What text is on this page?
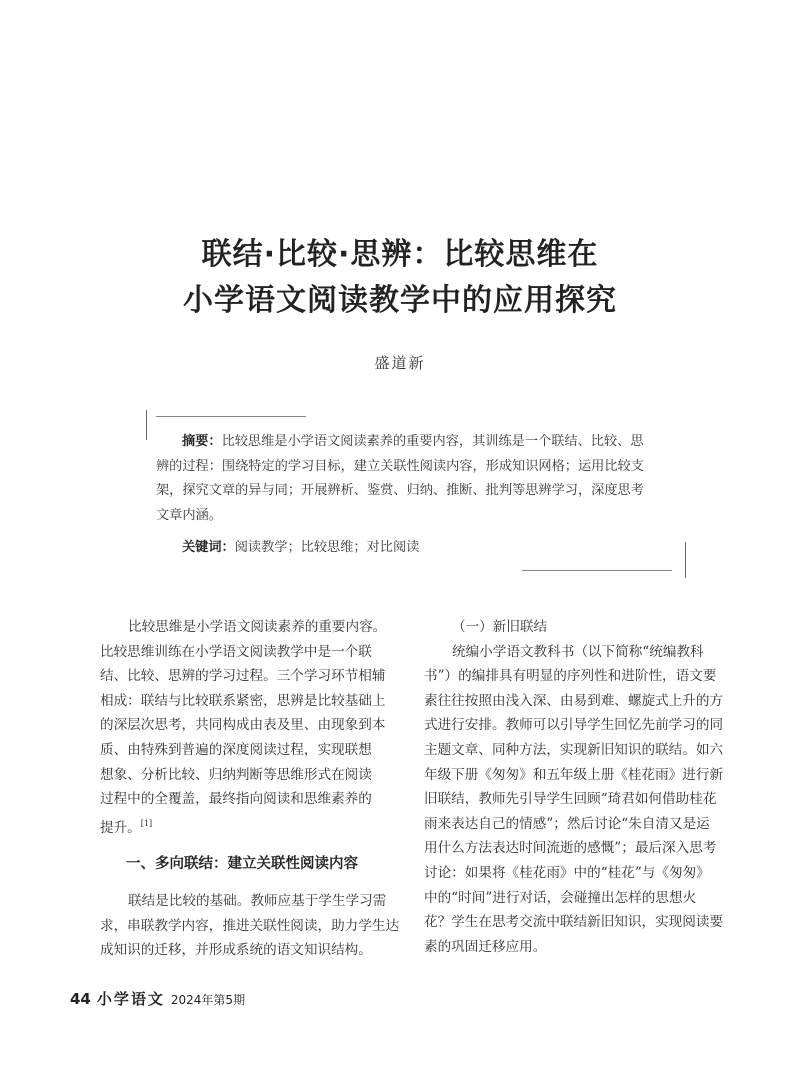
联结·比较·思辨：比较思维在
小学语文阅读教学中的应用探究
盛道新
摘要：比较思维是小学语文阅读素养的重要内容，其训练是一个联结、比较、思
辨的过程：围绕特定的学习目标，建立关联性阅读内容，形成知识网格；运用比较支
架，探究文章的异与同；开展辨析、鉴赏、归纳、推断、批判等思辨学习，深度思考
文章内涵。
关键词：阅读教学；比较思维；对比阅读
比较思维是小学语文阅读素养的重要内容。
比较思维训练在小学语文阅读教学中是一个联
结、比较、思辨的学习过程。三个学习环节相辅
相成：联结与比较联系紧密，思辨是比较基础上
的深层次思考，共同构成由表及里、由现象到本
质、由特殊到普遍的深度阅读过程，实现联想
想象、分析比较、归纳判断等思维形式在阅读
过程中的全覆盖，最终指向阅读和思维素养的
提升。[1]
一、多向联结：建立关联性阅读内容
联结是比较的基础。教师应基于学生学习需
求，串联教学内容，推进关联性阅读，助力学生达
成知识的迁移，并形成系统的语文知识结构。
（一）新旧联结
统编小学语文教科书（以下简称“统编教科
书”）的编排具有明显的序列性和进阶性，语文要
素往往按照由浅入深、由易到难、螺旋式上升的方
式进行安排。教师可以引导学生回忆先前学习的同
主题文章、同种方法，实现新旧知识的联结。如六
年级下册《匆匆》和五年级上册《桂花雨》进行新
旧联结，教师先引导学生回顾“琦君如何借助桂花
雨来表达自己的情感”；然后讨论“朱自清又是运
用什么方法表达时间流逝的感慨”；最后深入思考
讨论：如果将《桂花雨》中的“桂花”与《匆匆》
中的“时间”进行对话，会碰撞出怎样的思想火
花？学生在思考交流中联结新旧知识，实现阅读要
素的巩固迁移应用。
44 小学语文 2024年第5期
